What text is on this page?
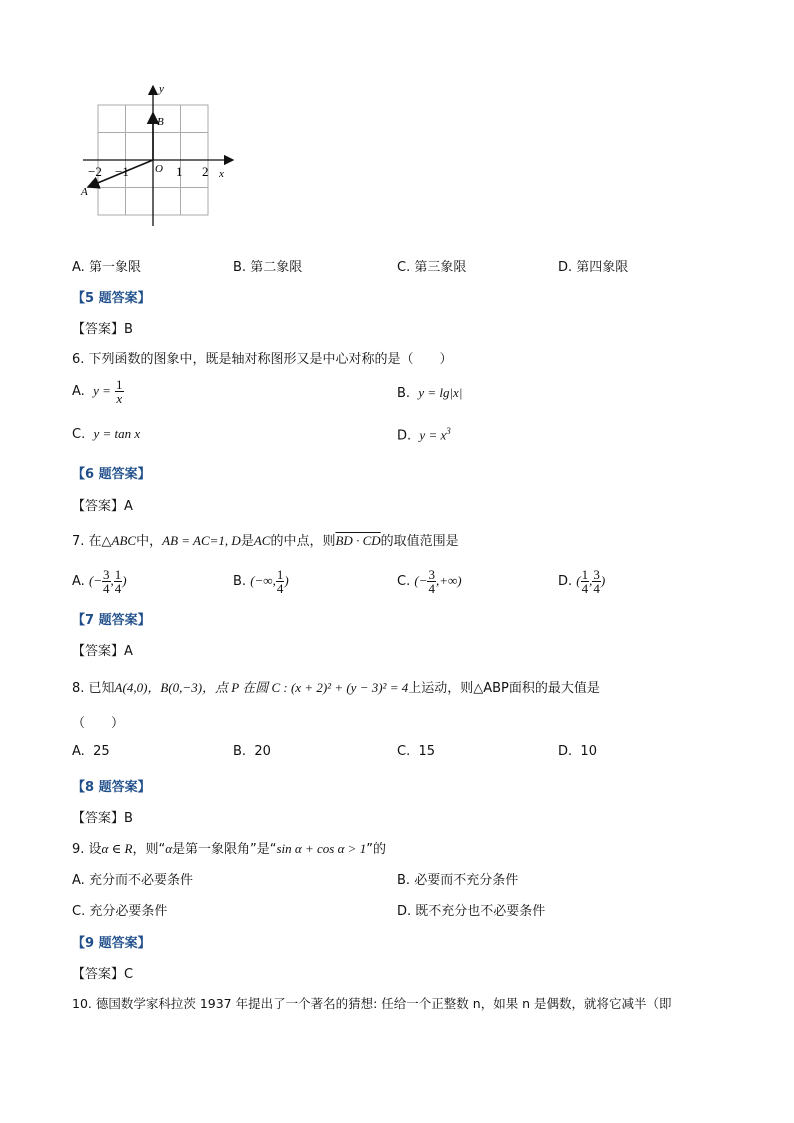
y
x
B
O
A
−2 −1	1 2
A. 第一象限	B. 第二象限	C. 第三象限	D. 第四象限
【5 题答案】
【答案】B
6. 下列函数的图象中，既是轴对称图形又是中心对称的是（　　）
A. $y = \frac{1}{x}$	B. y = lg|x|
C. y = tan x	D. $y = x^3$
【6 题答案】
【答案】A
7. 在△ABC中，AB = AC=1, D是AC的中点，则BD · CD的取值范围是
A. (− $\frac{3}{4}$ , $\frac{1}{4}$ )	B. (−∞, $\frac{1}{4}$ )	C. (− $\frac{3}{4}$ ,+∞)	D. ( $\frac{1}{4}$ , $\frac{3}{4}$ )
【7 题答案】
【答案】A
8. 已知A(4,0)，B(0,−3)，点 P 在圆 C : (x + 2)² + (y − 3)² = 4上运动，则△ABP面积的最大值是
（　　）
A. 25	B. 20	C. 15	D. 10
【8 题答案】
【答案】B
9. 设α ∈ R，则“α是第一象限角”是“sin α + cos α > 1”的
A. 充分而不必要条件	B. 必要而不充分条件
C. 充分必要条件	D. 既不充分也不必要条件
【9 题答案】
【答案】C
10. 德国数学家科拉茨 1937 年提出了一个著名的猜想: 任给一个正整数 n，如果 n 是偶数，就将它减半（即
